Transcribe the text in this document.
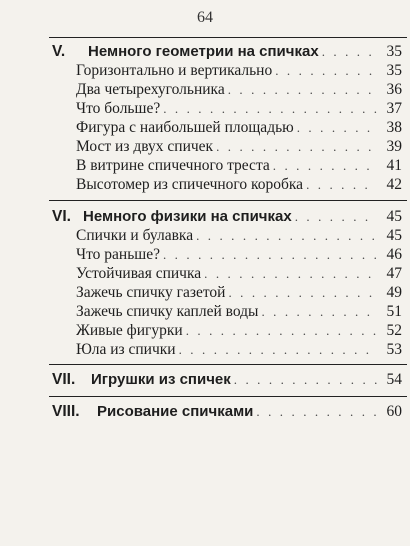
64
V.	Немного геометрии на спичках . . .	35
Горизонтально и вертикально . . .	35
Два четырехугольника . . .	36
Что больше? . . .	37
Фигура с наибольшей площадью . . .	38
Мост из двух спичек . . .	39
В витрине спичечного треста . . .	41
Высотомер из спичечного коробка . . .	42
VI. Немного физики на спичках . . .	45
Спички и булавка . . .	45
Что раньше? . . .	46
Устойчивая спичка . . .	47
Зажечь спичку газетой . . .	49
Зажечь спичку каплей воды . . .	51
Живые фигурки . . .	52
Юла из спички . . .	53
VII. Игрушки из спичек . . .	54
VIII. Рисование спичками . . .	60
